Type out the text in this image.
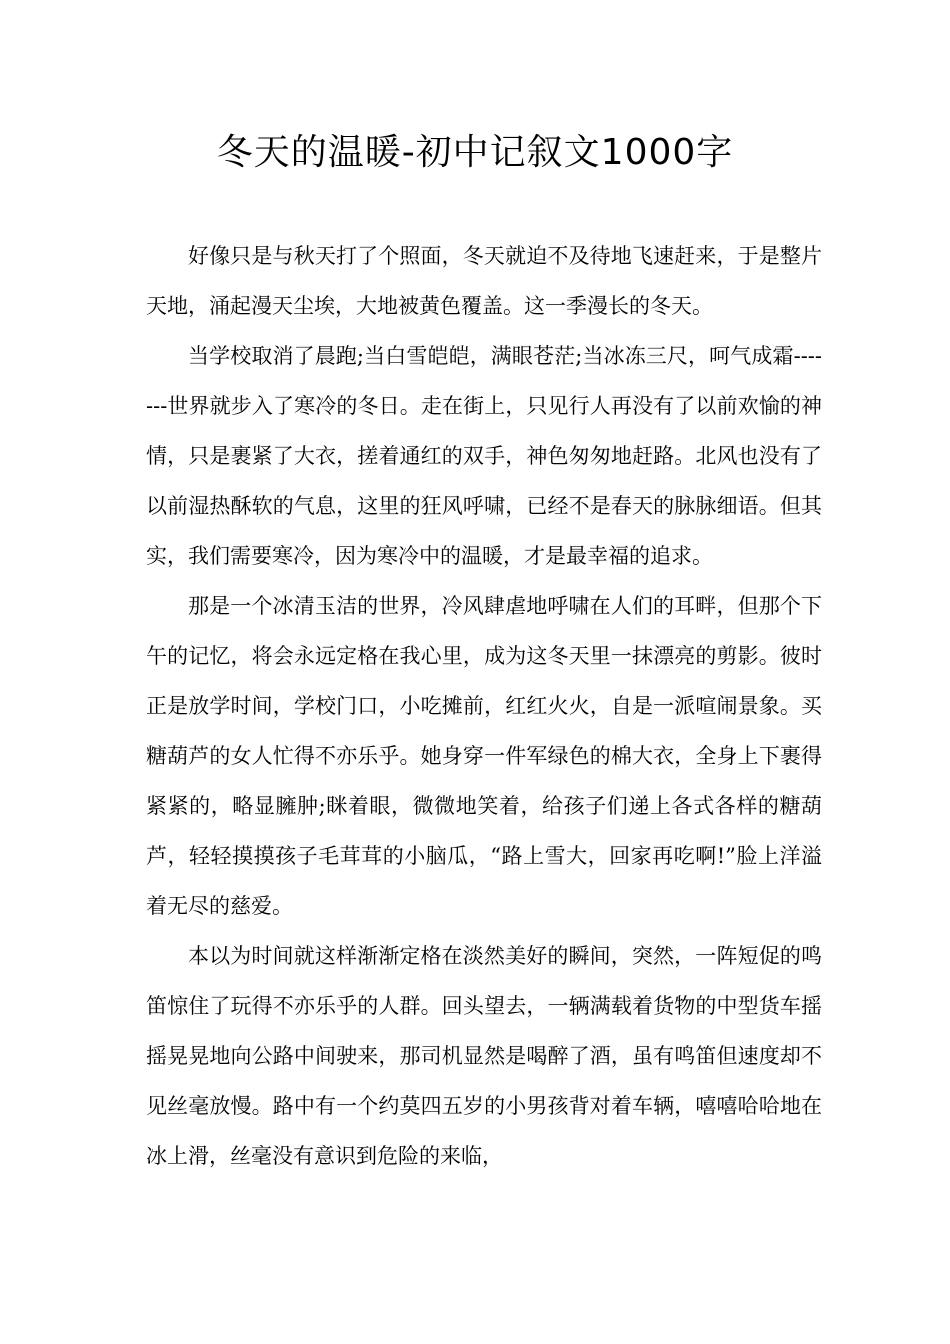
冬天的温暖-初中记叙文1000字

好像只是与秋天打了个照面，冬天就迫不及待地飞速赶来，于是整片天地，涌起漫天尘埃，大地被黄色覆盖。这一季漫长的冬天。

当学校取消了晨跑;当白雪皑皑，满眼苍茫;当冰冻三尺，呵气成霜-------世界就步入了寒冷的冬日。走在街上，只见行人再没有了以前欢愉的神情，只是裹紧了大衣，搓着通红的双手，神色匆匆地赶路。北风也没有了以前湿热酥软的气息，这里的狂风呼啸，已经不是春天的脉脉细语。但其实，我们需要寒冷，因为寒冷中的温暖，才是最幸福的追求。

那是一个冰清玉洁的世界，冷风肆虐地呼啸在人们的耳畔，但那个下午的记忆，将会永远定格在我心里，成为这冬天里一抹漂亮的剪影。彼时正是放学时间，学校门口，小吃摊前，红红火火，自是一派喧闹景象。买糖葫芦的女人忙得不亦乐乎。她身穿一件军绿色的棉大衣，全身上下裹得紧紧的，略显臃肿;眯着眼，微微地笑着，给孩子们递上各式各样的糖葫芦，轻轻摸摸孩子毛茸茸的小脑瓜，“路上雪大，回家再吃啊!”脸上洋溢着无尽的慈爱。

本以为时间就这样渐渐定格在淡然美好的瞬间，突然，一阵短促的鸣笛惊住了玩得不亦乐乎的人群。回头望去，一辆满载着货物的中型货车摇摇晃晃地向公路中间驶来，那司机显然是喝醉了酒，虽有鸣笛但速度却不见丝毫放慢。路中有一个约莫四五岁的小男孩背对着车辆，嘻嘻哈哈地在冰上滑，丝毫没有意识到危险的来临，
